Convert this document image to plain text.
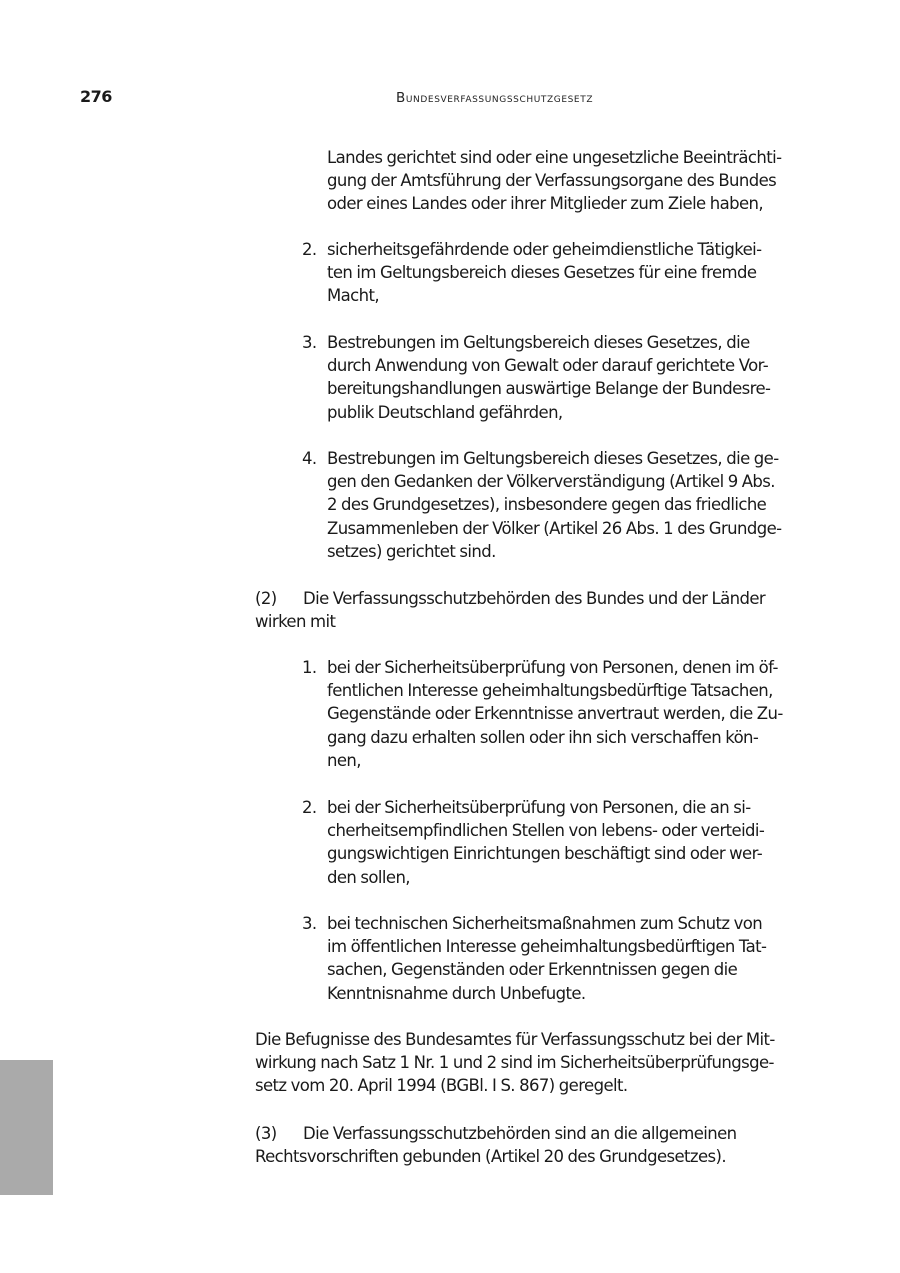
276	Bundesverfassungsschutzgesetz
Landes gerichtet sind oder eine ungesetzliche Beeinträchti-
gung der Amtsführung der Verfassungsorgane des Bundes
oder eines Landes oder ihrer Mitglieder zum Ziele haben,
2. sicherheitsgefährdende oder geheimdienstliche Tätigkei-
ten im Geltungsbereich dieses Gesetzes für eine fremde
Macht,
3. Bestrebungen im Geltungsbereich dieses Gesetzes, die
durch Anwendung von Gewalt oder darauf gerichtete Vor-
bereitungshandlungen auswärtige Belange der Bundesre-
publik Deutschland gefährden,
4. Bestrebungen im Geltungsbereich dieses Gesetzes, die ge-
gen den Gedanken der Völkerverständigung (Artikel 9 Abs.
2 des Grundgesetzes), insbesondere gegen das friedliche
Zusammenleben der Völker (Artikel 26 Abs. 1 des Grundge-
setzes) gerichtet sind.
(2) Die Verfassungsschutzbehörden des Bundes und der Länder
wirken mit
1. bei der Sicherheitsüberprüfung von Personen, denen im öf-
fentlichen Interesse geheimhaltungsbedürftige Tatsachen,
Gegenstände oder Erkenntnisse anvertraut werden, die Zu-
gang dazu erhalten sollen oder ihn sich verschaffen kön-
nen,
2. bei der Sicherheitsüberprüfung von Personen, die an si-
cherheitsempfindlichen Stellen von lebens- oder verteidi-
gungswichtigen Einrichtungen beschäftigt sind oder wer-
den sollen,
3. bei technischen Sicherheitsmaßnahmen zum Schutz von
im öffentlichen Interesse geheimhaltungsbedürftigen Tat-
sachen, Gegenständen oder Erkenntnissen gegen die
Kenntnisnahme durch Unbefugte.
Die Befugnisse des Bundesamtes für Verfassungsschutz bei der Mit-
wirkung nach Satz 1 Nr. 1 und 2 sind im Sicherheitsüberprüfungsge-
setz vom 20. April 1994 (BGBl. I S. 867) geregelt.
(3) Die Verfassungsschutzbehörden sind an die allgemeinen
Rechtsvorschriften gebunden (Artikel 20 des Grundgesetzes).
